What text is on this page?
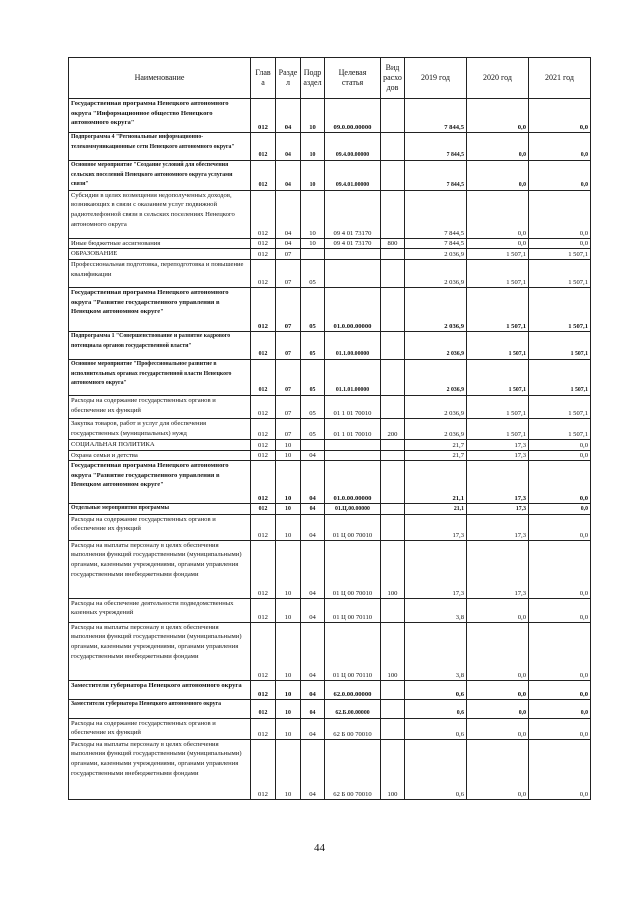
Наименование	Глав а	Разде л	Подр аздел	Целевая статья	Вид расхо дов	2019 год	2020 год	2021 год
Государственная программа Ненецкого автономного округа "Информационное общество Ненецкого автономного округа"	012	04	10	09.0.00.00000		7 844,5	0,0	0,0
Подпрограмма 4 "Региональные информационно-телекоммуникационные сети Ненецкого автономного округа"	012	04	10	09.4.00.00000		7 844,5	0,0	0,0
Основное мероприятие "Создание условий для обеспечения сельских поселений Ненецкого автономного округа услугами связи"	012	04	10	09.4.01.00000		7 844,5	0,0	0,0
Субсидии в целях возмещения недополученных доходов, возникающих в связи с оказанием услуг подвижной радиотелефонной связи в сельских поселениях Ненецкого автономного округа	012	04	10	09 4 01 73170		7 844,5	0,0	0,0
Иные бюджетные ассигнования	012	04	10	09 4 01 73170	800	7 844,5	0,0	0,0
ОБРАЗОВАНИЕ	012	07				2 036,9	1 507,1	1 507,1
Профессиональная подготовка, переподготовка и повышение квалификации	012	07	05			2 036,9	1 507,1	1 507,1
Государственная программа Ненецкого автономного округа "Развитие государственного управления в Ненецком автономном округе"	012	07	05	01.0.00.00000		2 036,9	1 507,1	1 507,1
Подпрограмма 1 "Совершенствование и развитие кадрового потенциала органов государственной власти"	012	07	05	01.1.00.00000		2 036,9	1 507,1	1 507,1
Основное мероприятие "Профессиональное развитие в исполнительных органах государственной власти Ненецкого автономного округа"	012	07	05	01.1.01.00000		2 036,9	1 507,1	1 507,1
Расходы на содержание государственных органов и обеспечение их функций	012	07	05	01 1 01 70010		2 036,9	1 507,1	1 507,1
Закупка товаров, работ и услуг для обеспечения государственных (муниципальных) нужд	012	07	05	01 1 01 70010	200	2 036,9	1 507,1	1 507,1
СОЦИАЛЬНАЯ ПОЛИТИКА	012	10				21,7	17,3	0,0
Охрана семьи и детства	012	10	04			21,7	17,3	0,0
Государственная программа Ненецкого автономного округа "Развитие государственного управления в Ненецком автономном округе"	012	10	04	01.0.00.00000		21,1	17,3	0,0
Отдельные мероприятия программы	012	10	04	01.Ц.00.00000		21,1	17,3	0,0
Расходы на содержание государственных органов и обеспечение их функций	012	10	04	01 Ц 00 70010		17,3	17,3	0,0
Расходы на выплаты персоналу в целях обеспечения выполнения функций государственными (муниципальными) органами, казенными учреждениями, органами управления государственными внебюджетными фондами	012	10	04	01 Ц 00 70010	100	17,3	17,3	0,0
Расходы на обеспечение деятельности подведомственных казенных учреждений	012	10	04	01 Ц 00 70110		3,8	0,0	0,0
Расходы на выплаты персоналу в целях обеспечения выполнения функций государственными (муниципальными) органами, казенными учреждениями, органами управления государственными внебюджетными фондами	012	10	04	01 Ц 00 70110	100	3,8	0,0	0,0
Заместители губернатора Ненецкого автономного округа	012	10	04	62.0.00.00000		0,6	0,0	0,0
Заместители губернатора Ненецкого автономного округа	012	10	04	62.Б.00.00000		0,6	0,0	0,0
Расходы на содержание государственных органов и обеспечение их функций	012	10	04	62 Б 00 70010		0,6	0,0	0,0
Расходы на выплаты персоналу в целях обеспечения выполнения функций государственными (муниципальными) органами, казенными учреждениями, органами управления государственными внебюджетными фондами	012	10	04	62 Б 00 70010	100	0,6	0,0	0,0
44
